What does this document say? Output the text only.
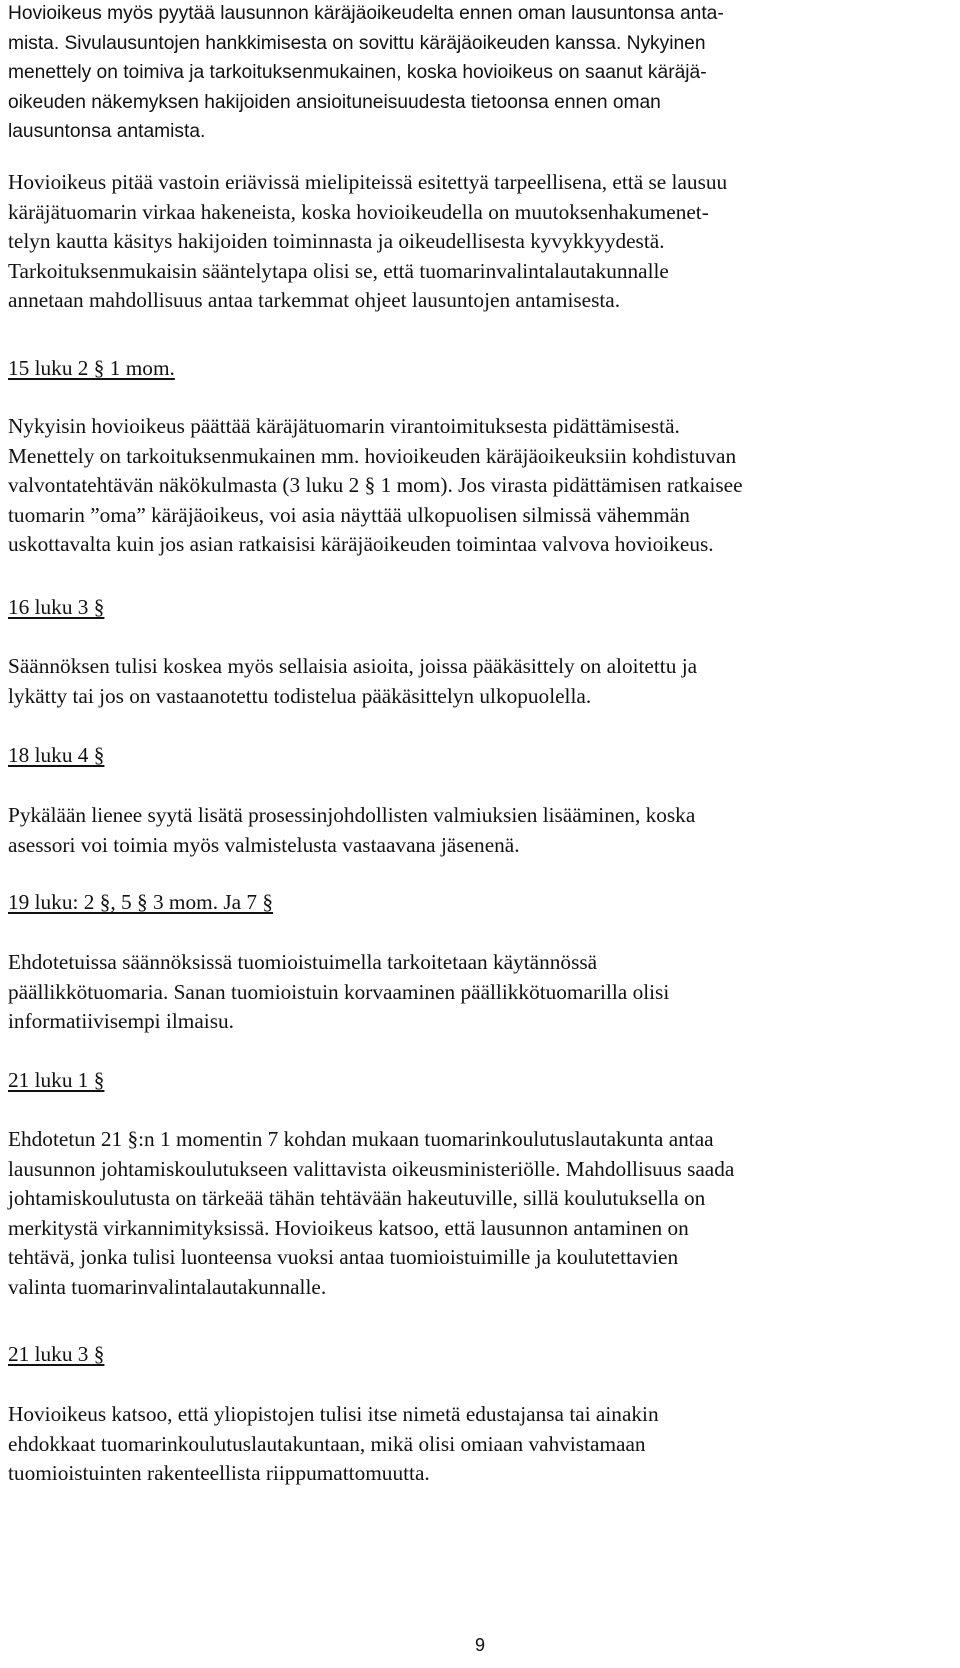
Hovioikeus myös pyytää lausunnon käräjäoikeudelta ennen oman lausuntonsa anta-
mista. Sivulausuntojen hankkimisesta on sovittu käräjäoikeuden kanssa. Nykyinen
menettely on toimiva ja tarkoituksenmukainen, koska hovioikeus on saanut käräjä-
oikeuden näkemyksen hakijoiden ansioituneisuudesta tietoonsa ennen oman
lausuntonsa antamista.

Hovioikeus pitää vastoin eriävissä mielipiteissä esitettyä tarpeellisena, että se lausuu
käräjätuomarin virkaa hakeneista, koska hovioikeudella on muutoksenhakumenet-
telyn kautta käsitys hakijoiden toiminnasta ja oikeudellisesta kyvykkyydestä.
Tarkoituksenmukaisin sääntelytapa olisi se, että tuomarinvalintalautakunnalle
annetaan mahdollisuus antaa tarkemmat ohjeet lausuntojen antamisesta.

15 luku 2 § 1 mom.

Nykyisin hovioikeus päättää käräjätuomarin virantoimituksesta pidättämisestä.
Menettely on tarkoituksenmukainen mm. hovioikeuden käräjäoikeuksiin kohdistuvan
valvontatehtävän näkökulmasta (3 luku 2 § 1 mom). Jos virasta pidättämisen ratkaisee
tuomarin ”oma” käräjäoikeus, voi asia näyttää ulkopuolisen silmissä vähemmän
uskottavalta kuin jos asian ratkaisisi käräjäoikeuden toimintaa valvova hovioikeus.

16 luku 3 §

Säännöksen tulisi koskea myös sellaisia asioita, joissa pääkäsittely on aloitettu ja
lykätty tai jos on vastaanotettu todistelua pääkäsittelyn ulkopuolella.

18 luku 4 §

Pykälään lienee syytä lisätä prosessinjohdollisten valmiuksien lisääminen, koska
asessori voi toimia myös valmistelusta vastaavana jäsenenä.

19 luku: 2 §, 5 § 3 mom. Ja 7 §

Ehdotetuissa säännöksissä tuomioistuimella tarkoitetaan käytännössä
päällikkötuomaria. Sanan tuomioistuin korvaaminen päällikkötuomarilla olisi
informatiivisempi ilmaisu.

21 luku 1 §

Ehdotetun 21 §:n 1 momentin 7 kohdan mukaan tuomarinkoulutuslautakunta antaa
lausunnon johtamiskoulutukseen valittavista oikeusministeriölle. Mahdollisuus saada
johtamiskoulutusta on tärkeää tähän tehtävään hakeutuville, sillä koulutuksella on
merkitystä virkannimityksissä. Hovioikeus katsoo, että lausunnon antaminen on
tehtävä, jonka tulisi luonteensa vuoksi antaa tuomioistuimille ja koulutettavien
valinta tuomarinvalintalautakunnalle.

21 luku 3 §

Hovioikeus katsoo, että yliopistojen tulisi itse nimetä edustajansa tai ainakin
ehdokkaat tuomarinkoulutuslautakuntaan, mikä olisi omiaan vahvistamaan
tuomioistuinten rakenteellista riippumattomuutta.

9
